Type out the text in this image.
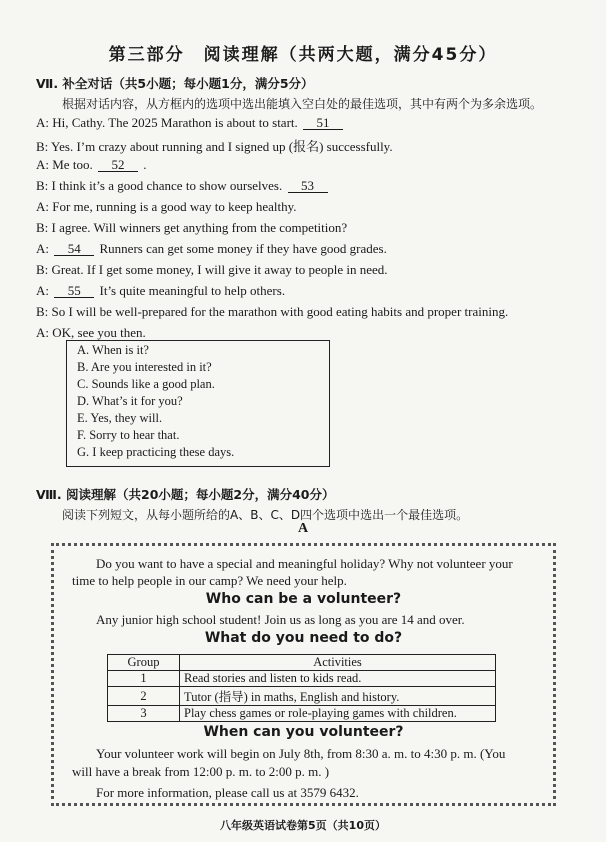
第三部分　阅读理解（共两大题，满分45分）
Ⅶ. 补全对话（共5小题；每小题1分，满分5分）
根据对话内容，从方框内的选项中选出能填入空白处的最佳选项，其中有两个为多余选项。
A: Hi, Cathy. The 2025 Marathon is about to start. 51
B: Yes. I’m crazy about running and I signed up (报名) successfully.
A: Me too. 52 .
B: I think it’s a good chance to show ourselves. 53
A: For me, running is a good way to keep healthy.
B: I agree. Will winners get anything from the competition?
A: 54 Runners can get some money if they have good grades.
B: Great. If I get some money, I will give it away to people in need.
A: 55 It’s quite meaningful to help others.
B: So I will be well-prepared for the marathon with good eating habits and proper training.
A: OK, see you then.
A. When is it?
B. Are you interested in it?
C. Sounds like a good plan.
D. What’s it for you?
E. Yes, they will.
F. Sorry to hear that.
G. I keep practicing these days.
Ⅷ. 阅读理解（共20小题；每小题2分，满分40分）
阅读下列短文，从每小题所给的A、B、C、D四个选项中选出一个最佳选项。
A
Do you want to have a special and meaningful holiday? Why not volunteer your
time to help people in our camp? We need your help.
Who can be a volunteer?
Any junior high school student! Join us as long as you are 14 and over.
What do you need to do?
Group	Activities
1	Read stories and listen to kids read.
2	Tutor (指导) in maths, English and history.
3	Play chess games or role-playing games with children.
When can you volunteer?
Your volunteer work will begin on July 8th, from 8:30 a. m. to 4:30 p. m. (You
will have a break from 12:00 p. m. to 2:00 p. m. )
For more information, please call us at 3579 6432.
八年级英语试卷第5页（共10页）
